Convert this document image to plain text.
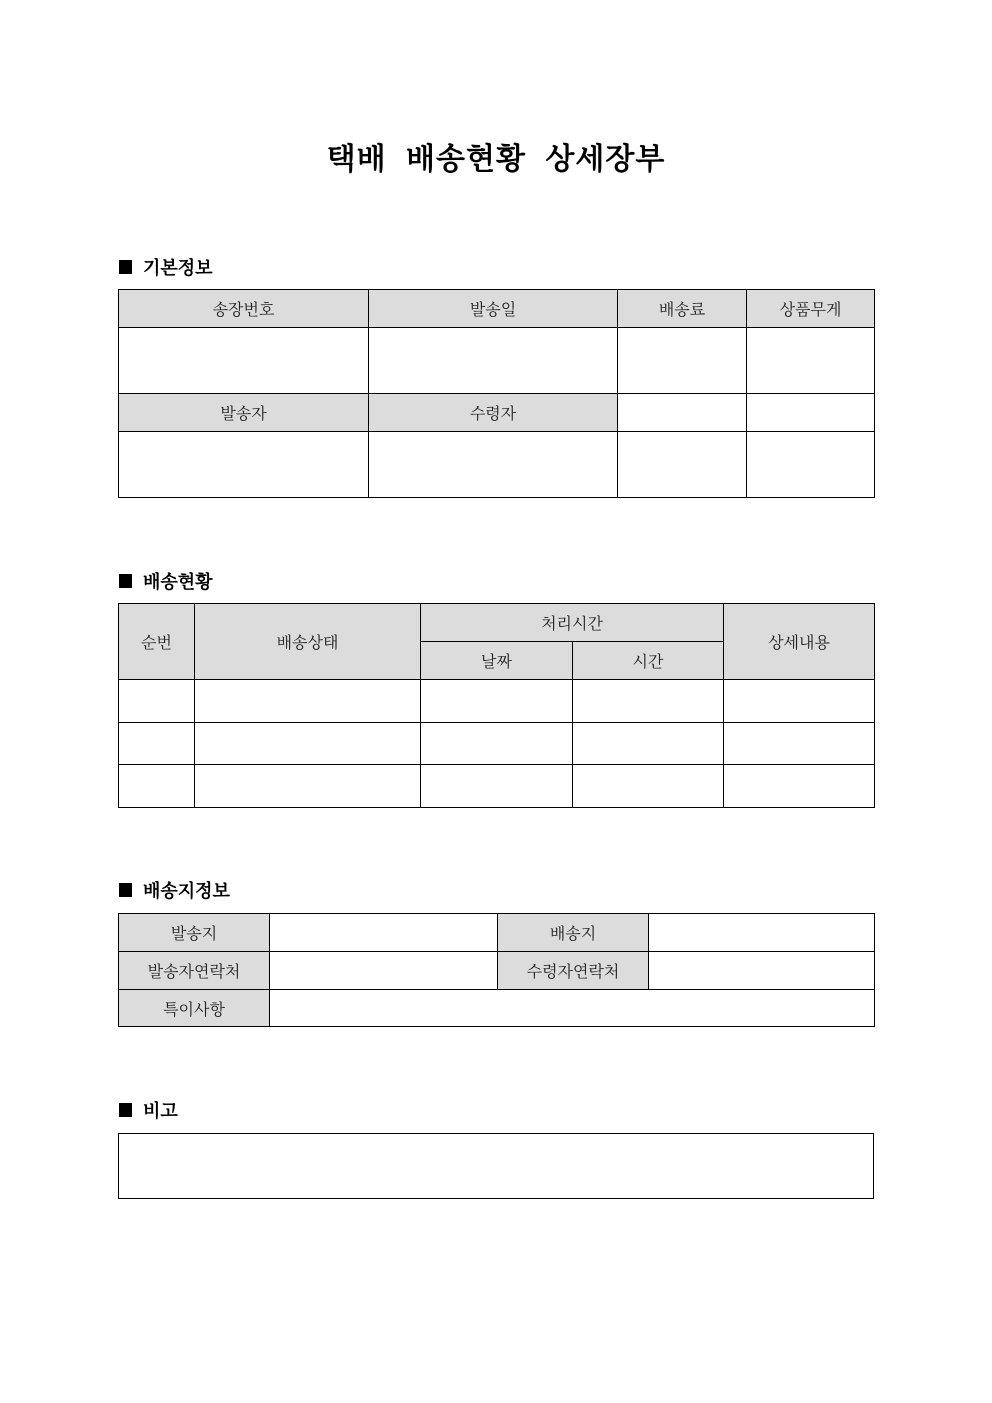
택배 배송현황 상세장부
기본정보
송장번호	발송일	배송료	상품무게

발송자	수령자		

배송현황
순번	배송상태	처리시간		상세내용
		날짜	시간	

배송지정보
발송지		배송지	
발송자연락처		수령자연락처	
특이사항			
비고
